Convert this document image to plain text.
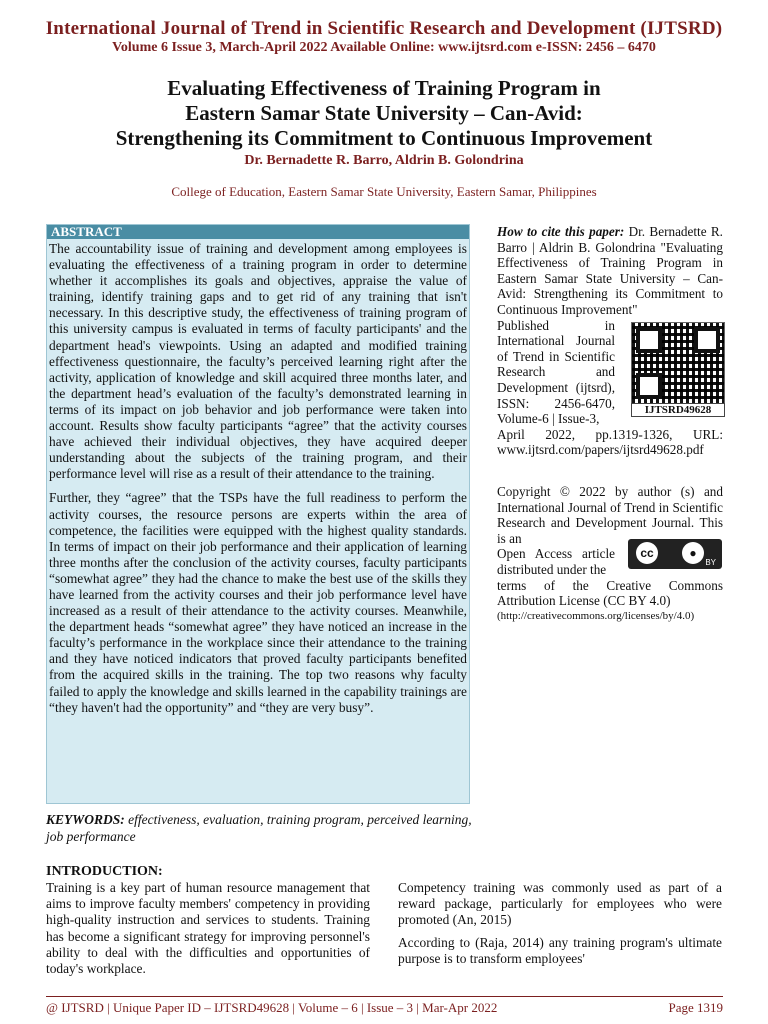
International Journal of Trend in Scientific Research and Development (IJTSRD)
Volume 6 Issue 3, March-April 2022 Available Online: www.ijtsrd.com e-ISSN: 2456 – 6470
Evaluating Effectiveness of Training Program in
Eastern Samar State University – Can-Avid:
Strengthening its Commitment to Continuous Improvement
Dr. Bernadette R. Barro, Aldrin B. Golondrina
College of Education, Eastern Samar State University, Eastern Samar, Philippines
ABSTRACT

The accountability issue of training and development among employees is evaluating the effectiveness of a training program in order to determine whether it accomplishes its goals and objectives, appraise the value of training, identify training gaps and to get rid of any training that isn't necessary. In this descriptive study, the effectiveness of training program of this university campus is evaluated in terms of faculty participants' and the department head's viewpoints. Using an adapted and modified training effectiveness questionnaire, the faculty’s perceived learning right after the activity, application of knowledge and skill acquired three months later, and the department head’s evaluation of the faculty’s demonstrated learning in terms of its impact on job behavior and job performance were taken into account. Results show faculty participants “agree” that the activity courses have achieved their individual objectives, they have acquired deeper understanding about the subjects of the training program, and their performance level will rise as a result of their attendance to the training.

Further, they “agree” that the TSPs have the full readiness to perform the activity courses, the resource persons are experts within the area of competence, the facilities were equipped with the highest quality standards. In terms of impact on their job performance and their application of learning three months after the conclusion of the activity courses, faculty participants “somewhat agree” they had the chance to make the best use of the skills they have learned from the activity courses and their job performance level have increased as a result of their attendance to the activity courses. Meanwhile, the department heads “somewhat agree” they have noticed an increase in the faculty’s performance in the workplace since their attendance to the training and they have noticed indicators that proved faculty participants benefited from the acquired skills in the training. The top two reasons why faculty failed to apply the knowledge and skills learned in the capability trainings are “they haven't had the opportunity” and “they are very busy”.

KEYWORDS: effectiveness, evaluation, training program, perceived learning, job performance
How to cite this paper: Dr. Bernadette R. Barro | Aldrin B. Golondrina "Evaluating Effectiveness of Training Program in Eastern Samar State University – Can-Avid: Strengthening its Commitment to Continuous Improvement"
Published in International Journal of Trend in Scientific Research and Development (ijtsrd), ISSN: 2456-6470, Volume-6 | Issue-3,
April 2022, pp.1319-1326, URL: www.ijtsrd.com/papers/ijtsrd49628.pdf
IJTSRD49628
Copyright © 2022 by author (s) and International Journal of Trend in Scientific Research and Development Journal. This is an
Open Access article distributed under the
terms of the Creative Commons Attribution License (CC BY 4.0)
(http://creativecommons.org/licenses/by/4.0)
cc	●
BY
INTRODUCTION:
Training is a key part of human resource management that aims to improve faculty members' competency in providing high-quality instruction and services to students. Training has become a significant strategy for improving personnel's ability to deal with the difficulties and opportunities of today's workplace.

Competency training was commonly used as part of a reward package, particularly for employees who were promoted (An, 2015)

According to (Raja, 2014) any training program's ultimate purpose is to transform employees'

@ IJTSRD | Unique Paper ID – IJTSRD49628 | Volume – 6 | Issue – 3 | Mar-Apr 2022	Page 1319
